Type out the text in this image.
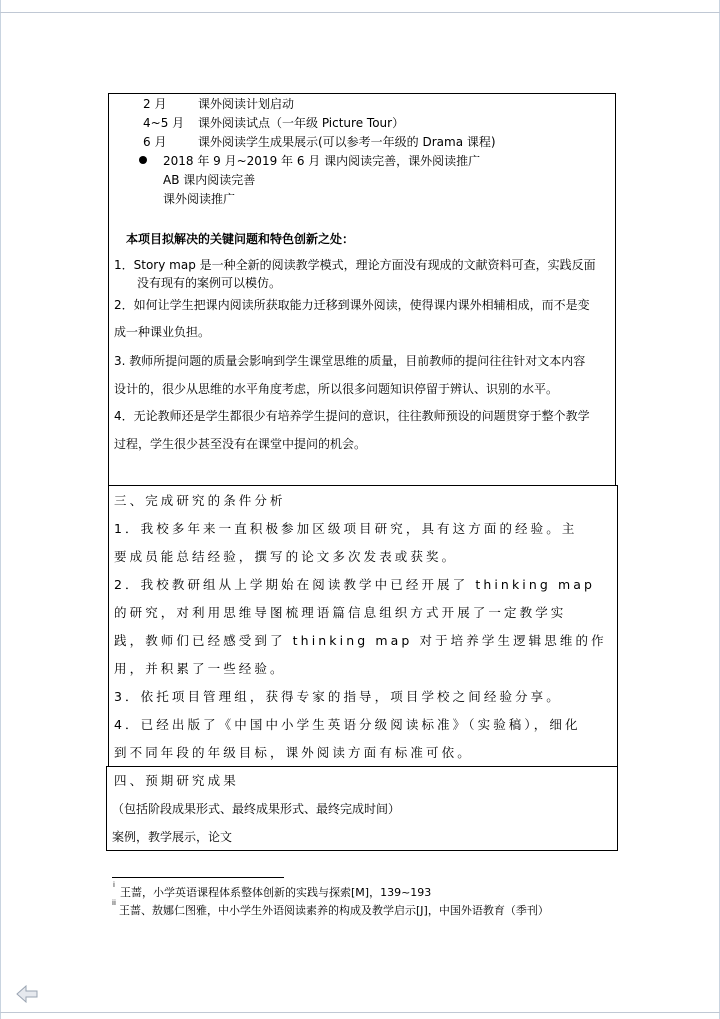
2 月	课外阅读计划启动
4~5 月 课外阅读试点（一年级 Picture Tour）
6 月	课外阅读学生成果展示(可以参考一年级的 Drama 课程)
2018 年 9 月~2019 年 6 月 课内阅读完善，课外阅读推广
AB 课内阅读完善
课外阅读推广
本项目拟解决的关键问题和特色创新之处：
1．Story map 是一种全新的阅读教学模式，理论方面没有现成的文献资料可查，实践反面
没有现有的案例可以模仿。
2．如何让学生把课内阅读所获取能力迁移到课外阅读，使得课内课外相辅相成，而不是变
成一种课业负担。
3. 教师所提问题的质量会影响到学生课堂思维的质量，目前教师的提问往往针对文本内容
设计的，很少从思维的水平角度考虑，所以很多问题知识停留于辨认、识别的水平。
4．无论教师还是学生都很少有培养学生提问的意识，往往教师预设的问题贯穿于整个教学
过程，学生很少甚至没有在课堂中提问的机会。
三、完成研究的条件分析
1．我校多年来一直积极参加区级项目研究，具有这方面的经验。主
要成员能总结经验，撰写的论文多次发表或获奖。
2．我校教研组从上学期始在阅读教学中已经开展了 thinking map
的研究，对利用思维导图梳理语篇信息组织方式开展了一定教学实
践，教师们已经感受到了 thinking map 对于培养学生逻辑思维的作
用，并积累了一些经验。
3．依托项目管理组，获得专家的指导，项目学校之间经验分享。
4．已经出版了《中国中小学生英语分级阅读标准》（实验稿），细化
到不同年段的年级目标，课外阅读方面有标准可依。
四、预期研究成果
（包括阶段成果形式、最终成果形式、最终完成时间）
案例，教学展示，论文
i
王蔷，小学英语课程体系整体创新的实践与探索[M]，139~193
ii
王蔷、敖娜仁图雅，中小学生外语阅读素养的构成及教学启示[J]，中国外语教育（季刊）
